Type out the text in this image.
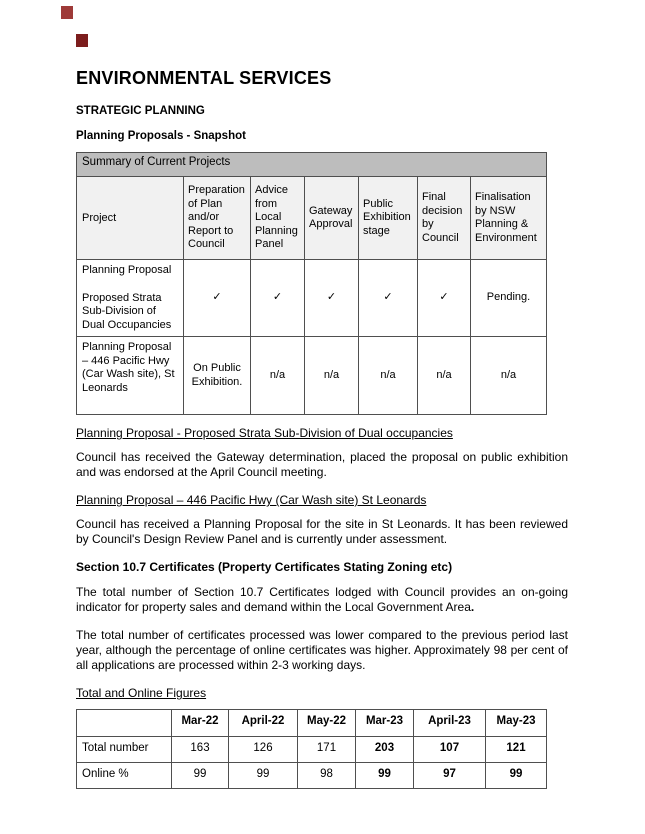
ENVIRONMENTAL SERVICES
STRATEGIC PLANNING
Planning Proposals - Snapshot
Summary of Current Projects						
Project	Preparation of Plan and/or Report to Council	Advice from Local Planning Panel	Gateway Approval	Public Exhibition stage	Final decision by Council	Finalisation by NSW Planning & Environment

Planning Proposal
Proposed Strata Sub-Division of Dual Occupancies	✓	✓	✓	✓	✓	Pending.
Planning Proposal – 446 Pacific Hwy (Car Wash site), St Leonards	On Public Exhibition.	n/a	n/a	n/a	n/a	n/a
Planning Proposal - Proposed Strata Sub-Division of Dual occupancies

Council has received the Gateway determination, placed the proposal on public exhibition and was endorsed at the April Council meeting.

Planning Proposal – 446 Pacific Hwy (Car Wash site) St Leonards

Council has received a Planning Proposal for the site in St Leonards. It has been reviewed by Council's Design Review Panel and is currently under assessment.

Section 10.7 Certificates (Property Certificates Stating Zoning etc)

The total number of Section 10.7 Certificates lodged with Council provides an on-going indicator for property sales and demand within the Local Government Area.

The total number of certificates processed was lower compared to the previous period last year, although the percentage of online certificates was higher. Approximately 98 per cent of all applications are processed within 2-3 working days.

Total and Online Figures
	Mar-22	April-22	May-22	Mar-23	April-23	May-23
Total number	163	126	171	203	107	121
Online %	99	99	98	99	97	99
